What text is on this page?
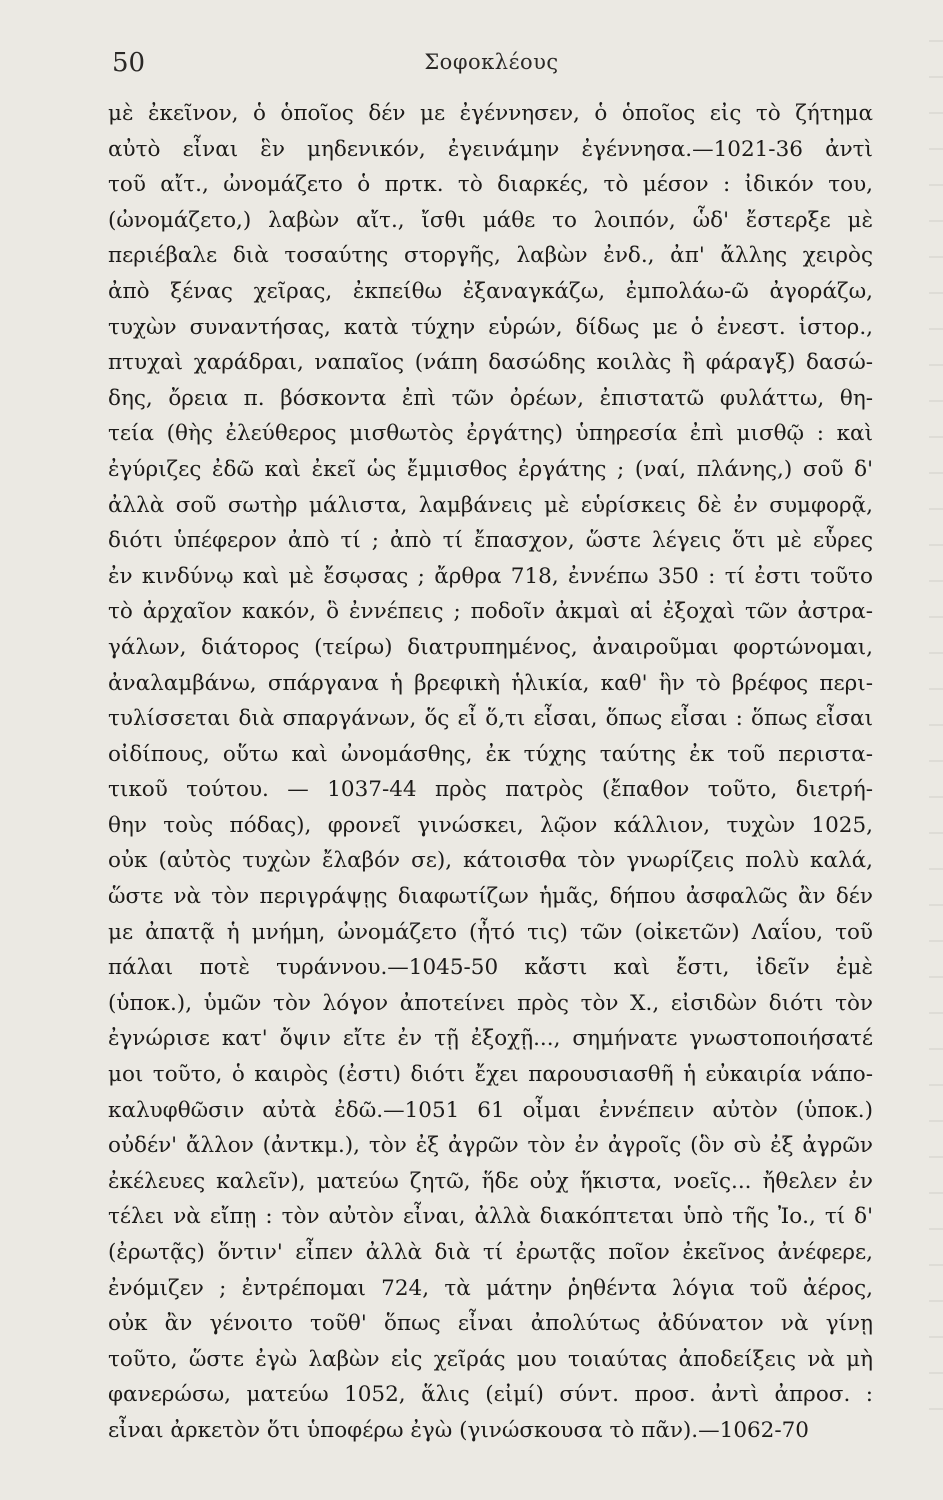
50	Σοφοκλέους
μὲ ἐκεῖνον, ὁ ὁποῖος δέν με ἐγέννησεν, ὁ ὁποῖος εἰς τὸ ζήτημα
αὐτὸ εἶναι ἓν μηδενικόν, ἐγεινάμην ἐγέννησα.—1021-36 ἀντὶ
τοῦ αἴτ., ὠνομάζετο ὁ πρτκ. τὸ διαρκές, τὸ μέσον : ἰδικόν του,
(ὠνομάζετο,) λαβὼν αἴτ., ἴσθι μάθε το λοιπόν, ὧδ' ἔστερξε μὲ
περιέβαλε διὰ τοσαύτης στοργῆς, λαβὼν ἐνδ., ἀπ' ἄλλης χειρὸς
ἀπὸ ξένας χεῖρας, ἐκπείθω ἐξαναγκάζω, ἐμπολάω-ῶ ἀγοράζω,
τυχὼν συναντήσας, κατὰ τύχην εὑρών, δίδως με ὁ ἐνεστ. ἱστορ.,
πτυχαὶ χαράδραι, ναπαῖος (νάπη δασώδης κοιλὰς ἢ φάραγξ) δασώ-
δης, ὄρεια π. βόσκοντα ἐπὶ τῶν ὀρέων, ἐπιστατῶ φυλάττω, θη-
τεία (θὴς ἐλεύθερος μισθωτὸς ἐργάτης) ὑπηρεσία ἐπὶ μισθῷ : καὶ
ἐγύριζες ἐδῶ καὶ ἐκεῖ ὡς ἔμμισθος ἐργάτης ; (ναί, πλάνης,) σοῦ δ'
ἀλλὰ σοῦ σωτὴρ μάλιστα, λαμβάνεις μὲ εὑρίσκεις δὲ ἐν συμφορᾷ,
διότι ὑπέφερον ἀπὸ τί ; ἀπὸ τί ἔπασχον, ὥστε λέγεις ὅτι μὲ εὗρες
ἐν κινδύνῳ καὶ μὲ ἔσῳσας ; ἄρθρα 718, ἐννέπω 350 : τί ἐστι τοῦτο
τὸ ἀρχαῖον κακόν, ὃ ἐννέπεις ; ποδοῖν ἀκμαὶ αἱ ἐξοχαὶ τῶν ἀστρα-
γάλων, διάτορος (τείρω) διατρυπημένος, ἀναιροῦμαι φορτώνομαι,
ἀναλαμβάνω, σπάργανα ἡ βρεφικὴ ἡλικία, καθ' ἣν τὸ βρέφος περι-
τυλίσσεται διὰ σπαργάνων, ὅς εἶ ὅ,τι εἶσαι, ὅπως εἶσαι : ὅπως εἶσαι
οἰδίπους, οὕτω καὶ ὠνομάσθης, ἐκ τύχης ταύτης ἐκ τοῦ περιστα-
τικοῦ τούτου. — 1037-44 πρὸς πατρὸς (ἔπαθον τοῦτο, διετρή-
θην τοὺς πόδας), φρονεῖ γινώσκει, λῷον κάλλιον, τυχὼν 1025,
οὐκ (αὐτὸς τυχὼν ἔλαβόν σε), κάτοισθα τὸν γνωρίζεις πολὺ καλά,
ὥστε νὰ τὸν περιγράψῃς διαφωτίζων ἡμᾶς, δήπου ἀσφαλῶς ἂν δέν
με ἀπατᾷ ἡ μνήμη, ὠνομάζετο (ἦτό τις) τῶν (οἰκετῶν) Λαΐου, τοῦ
πάλαι ποτὲ τυράννου.—1045-50 κἄστι καὶ ἔστι, ἰδεῖν ἐμὲ
(ὑποκ.), ὑμῶν τὸν λόγον ἀποτείνει πρὸς τὸν Χ., εἰσιδὼν διότι τὸν
ἐγνώρισε κατ' ὄψιν εἴτε ἐν τῇ ἐξοχῇ..., σημήνατε γνωστοποιήσατέ
μοι τοῦτο, ὁ καιρὸς (ἐστι) διότι ἔχει παρουσιασθῆ ἡ εὐκαιρία νάπο-
καλυφθῶσιν αὐτὰ ἐδῶ.—1051 61 οἶμαι ἐννέπειν αὐτὸν (ὑποκ.)
οὐδέν' ἄλλον (ἀντκμ.), τὸν ἐξ ἀγρῶν τὸν ἐν ἀγροῖς (ὃν σὺ ἐξ ἀγρῶν
ἐκέλευες καλεῖν), ματεύω ζητῶ, ἥδε οὐχ ἥκιστα, νοεῖς... ἤθελεν ἐν
τέλει νὰ εἴπῃ : τὸν αὐτὸν εἶναι, ἀλλὰ διακόπτεται ὑπὸ τῆς Ἰο., τί δ'
(ἐρωτᾷς) ὅντιν' εἶπεν ἀλλὰ διὰ τί ἐρωτᾷς ποῖον ἐκεῖνος ἀνέφερε,
ἐνόμιζεν ; ἐντρέπομαι 724, τὰ μάτην ῥηθέντα λόγια τοῦ ἀέρος,
οὐκ ἂν γένοιτο τοῦθ' ὅπως εἶναι ἀπολύτως ἀδύνατον νὰ γίνῃ
τοῦτο, ὥστε ἐγὼ λαβὼν εἰς χεῖράς μου τοιαύτας ἀποδείξεις νὰ μὴ
φανερώσω, ματεύω 1052, ἅλις (εἰμί) σύντ. προσ. ἀντὶ ἀπροσ. :
εἶναι ἀρκετὸν ὅτι ὑποφέρω ἐγὼ (γινώσκουσα τὸ πᾶν).—1062-70
